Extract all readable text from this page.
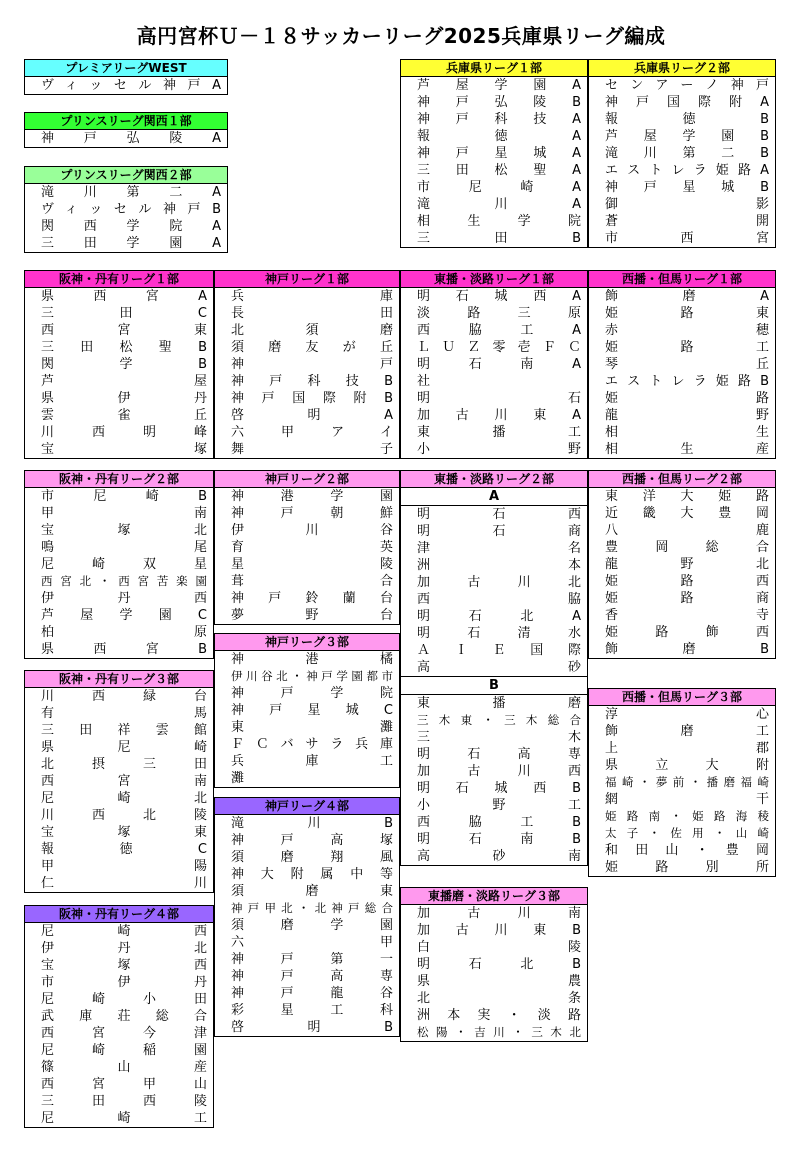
高円宮杯Ｕ－１８サッカーリーグ2025兵庫県リーグ編成
プレミアリーグWEST
ヴィッセル神戸A
プリンスリーグ関西１部
神戸弘陵A
プリンスリーグ関西２部
滝川第二A
ヴィッセル神戸B
関西学院A
三田学園A
兵庫県リーグ１部
芦屋学園A
神戸弘陵B
神戸科技A
報徳A
神戸星城A
三田松聖A
市尼崎A
滝川A
相生学院
三田B
兵庫県リーグ２部
センアーノ神戸
神戸国際附A
報徳B
芦屋学園B
滝川第二B
エストレラ姫路A
神戸星城B
御影
蒼開
市西宮
阪神・丹有リーグ１部
県西宮A
三田C
西宮東
三田松聖B
関学B
芦屋
県伊丹
雲雀丘
川西明峰
宝塚
神戸リーグ１部
兵庫
長田
北須磨
須磨友が丘
神戸
神戸科技B
神戸国際附B
啓明A
六甲アイ
舞子
東播・淡路リーグ１部
明石城西A
淡路三原
西脇工A
ＬＵＺ零壱ＦＣ
明石南A
社
明石
加古川東A
東播工
小野
西播・但馬リーグ１部
飾磨A
姫路東
赤穂
姫路工
琴丘
エストレラ姫路B
姫路
龍野
相生
相生産
阪神・丹有リーグ２部
市尼崎B
甲南
宝塚北
鳴尾
尼崎双星
西宮北・西宮苦楽園
伊丹西
芦屋学園C
柏原
県西宮B
神戸リーグ２部
神港学園
神戸朝鮮
伊川谷
育英
星陵
葺合
神戸鈴蘭台
夢野台
東播・淡路リーグ２部
A
明石西
明石商
津名
洲本
加古川北
西脇
明石北A
明石清水
ＡＩＥ国際
高砂
B
東播磨
三木東・三木総合
三木
明石高専
加古川西
明石城西B
小野工
西脇工B
明石南B
高砂南
西播・但馬リーグ２部
東洋大姫路
近畿大豊岡
八鹿
豊岡総合
龍野北
姫路西
姫路商
香寺
姫路飾西
飾磨B
神戸リーグ３部
神港橘
伊川谷北・神戸学園都市
神戸学院
神戸星城C
東灘
ＦＣバサラ兵庫
兵庫工
灘
阪神・丹有リーグ３部
川西緑台
有馬
三田祥雲館
県尼崎
北摂三田
西宮南
尼崎北
川西北陵
宝塚東
報徳C
甲陽
仁川
西播・但馬リーグ３部
淳心
飾磨工
上郡
県立大附
福崎・夢前・播磨福崎
網干
姫路南・姫路海稜
太子・佐用・山崎
和田山・豊岡
姫路別所
神戸リーグ４部
滝川B
神戸高塚
須磨翔風
神大附属中等
須磨東
神戸甲北・北神戸総合
須磨学園
六甲
神戸第一
神戸高専
神戸龍谷
彩星工科
啓明B
東播磨・淡路リーグ３部
加古川南
加古川東B
白陵
明石北B
県農
北条
洲本実・淡路
松陽・吉川・三木北
阪神・丹有リーグ４部
尼崎西
伊丹北
宝塚西
市伊丹
尼崎小田
武庫荘総合
西宮今津
尼崎稲園
篠山産
西宮甲山
三田西陵
尼崎工
